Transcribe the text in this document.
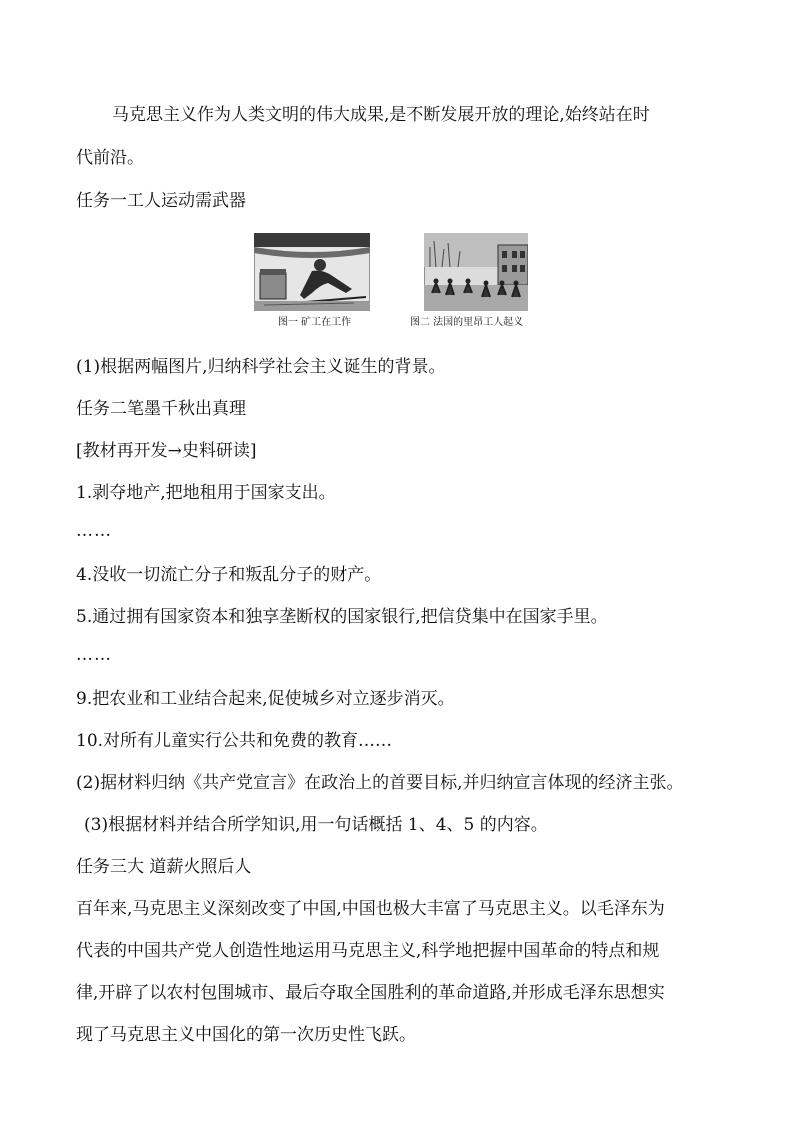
马克思主义作为人类文明的伟大成果,是不断发展开放的理论,始终站在时
代前沿。
任务一工人运动需武器
图一 矿工在工作	图二 法国的里昂工人起义
(1)根据两幅图片,归纳科学社会主义诞生的背景。
任务二笔墨千秋出真理
[教材再开发→史料研读]
1.剥夺地产,把地租用于国家支出。
……
4.没收一切流亡分子和叛乱分子的财产。
5.通过拥有国家资本和独享垄断权的国家银行,把信贷集中在国家手里。
……
9.把农业和工业结合起来,促使城乡对立逐步消灭。
10.对所有儿童实行公共和免费的教育……
(2)据材料归纳《共产党宣言》在政治上的首要目标,并归纳宣言体现的经济主张。
(3)根据材料并结合所学知识,用一句话概括 1、4、5 的内容。
任务三大 道薪火照后人
百年来,马克思主义深刻改变了中国,中国也极大丰富了马克思主义。以毛泽东为
代表的中国共产党人创造性地运用马克思主义,科学地把握中国革命的特点和规
律,开辟了以农村包围城市、最后夺取全国胜利的革命道路,并形成毛泽东思想实
现了马克思主义中国化的第一次历史性飞跃。
